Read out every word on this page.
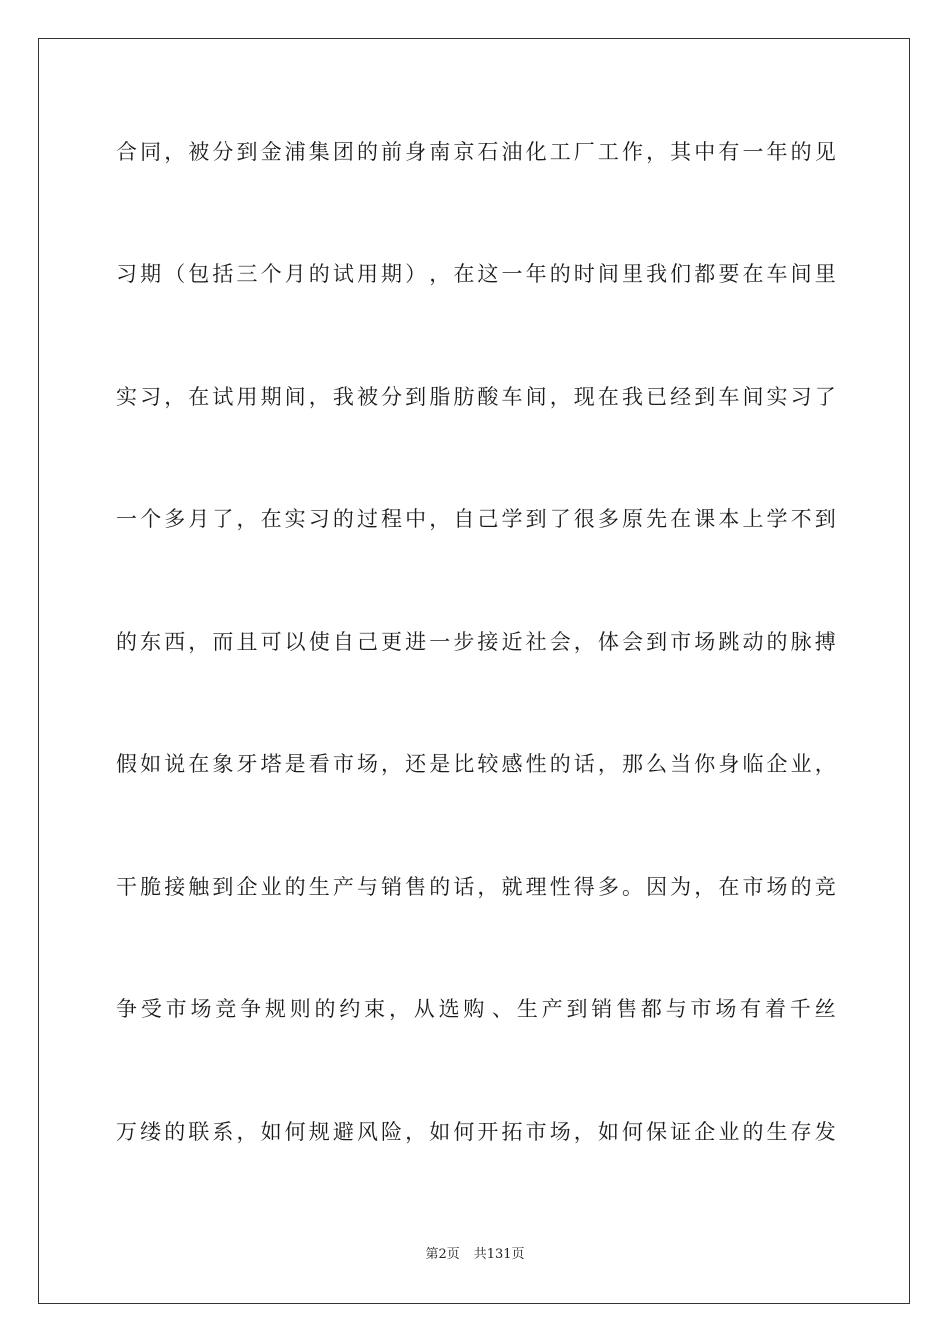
合 同 ， 被 分 到 金 浦 集 团 的 前 身 南 京 石 油 化 工 厂 工 作 ， 其 中 有 一 年 的 见
习 期 （ 包 括 三 个 月 的 试 用 期 ） ， 在 这 一 年 的 时 间 里 我 们 都 要 在 车 间 里
实 习 ， 在 试 用 期 间 ， 我 被 分 到 脂 肪 酸 车 间 ， 现 在 我 已 经 到 车 间 实 习 了
一 个 多 月 了 ， 在 实 习 的 过 程 中 ， 自 己 学 到 了 很 多 原 先 在 课 本 上 学 不 到
的 东 西 ， 而 且 可 以 使 自 己 更 进 一 步 接 近 社 会 ， 体 会 到 市 场 跳 动 的 脉 搏
假 如 说 在 象 牙 塔 是 看 市 场 ， 还 是 比 较 感 性 的 话 ， 那 么 当 你 身 临 企 业 ，
干 脆 接 触 到 企 业 的 生 产 与 销 售 的 话 ， 就 理 性 得 多 。 因 为 ， 在 市 场 的 竞
争 受 市 场 竞 争 规 则 的 约 束 ， 从 选 购 、 生 产 到 销 售 都 与 市 场 有 着 千 丝
万 缕 的 联 系 ， 如 何 规 避 风 险 ， 如 何 开 拓 市 场 ， 如 何 保 证 企 业 的 生 存 发
第2页 共131页
